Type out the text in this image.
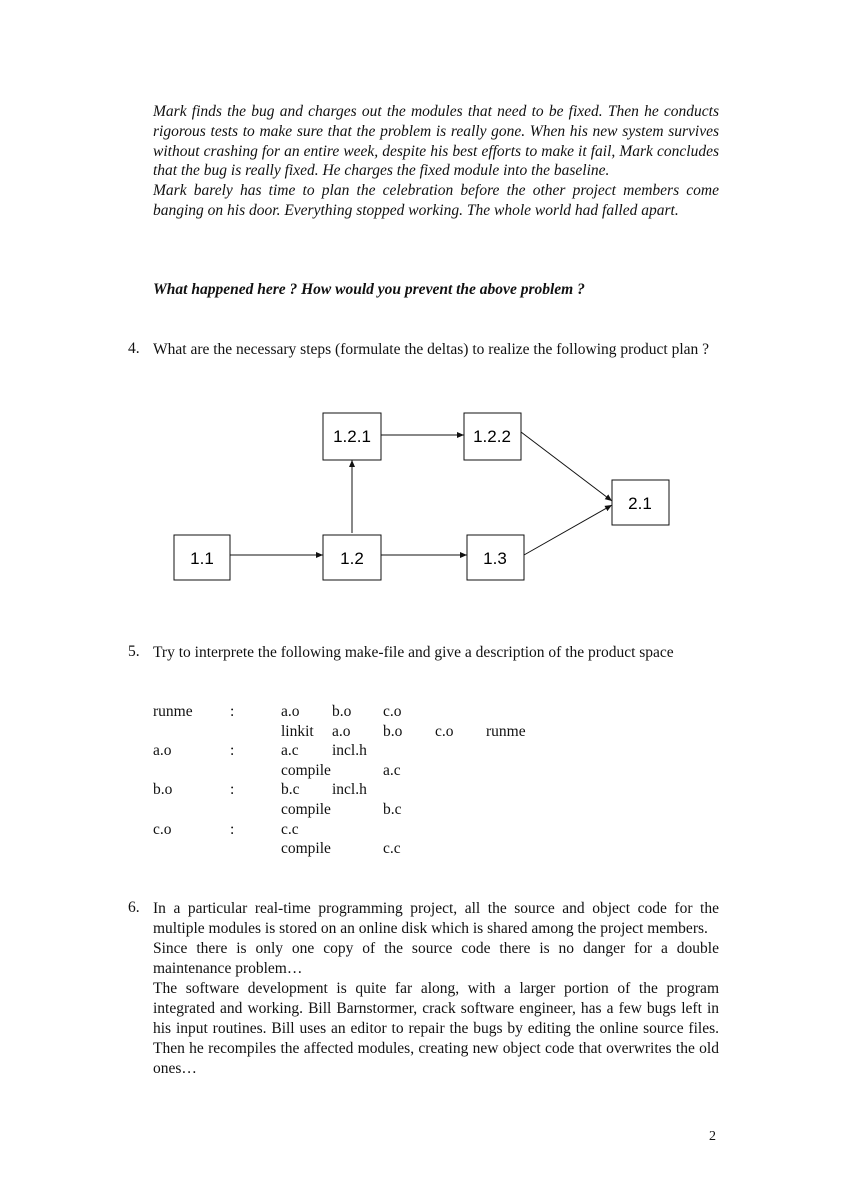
Mark finds the bug and charges out the modules that need to be fixed. Then he conducts rigorous tests to make sure that the problem is really gone. When his new system survives without crashing for an entire week, despite his best efforts to make it fail, Mark concludes that the bug is really fixed. He charges the fixed module into the baseline.
Mark barely has time to plan the celebration before the other project members come banging on his door. Everything stopped working. The whole world had falled apart.
What happened here ? How would you prevent the above problem ?
4. What are the necessary steps (formulate the deltas) to realize the following product plan ?
1.1	1.2	1.3
1.2.1	1.2.2
2.1
5. Try to interprete the following make-file and give a description of the product space
runme :	a.o b.o c.o
linkit a.o b.o c.o runme
a.o	:	a.c incl.h
compile	a.c
b.o	:	b.c incl.h
compile	b.c
c.o	:	c.c
compile	c.c
6. In a particular real-time programming project, all the source and object code for the multiple modules is stored on an online disk which is shared among the project members.
Since there is only one copy of the source code there is no danger for a double maintenance problem…
The software development is quite far along, with a larger portion of the program integrated and working. Bill Barnstormer, crack software engineer, has a few bugs left in his input routines. Bill uses an editor to repair the bugs by editing the online source files. Then he recompiles the affected modules, creating new object code that overwrites the old ones…
2
